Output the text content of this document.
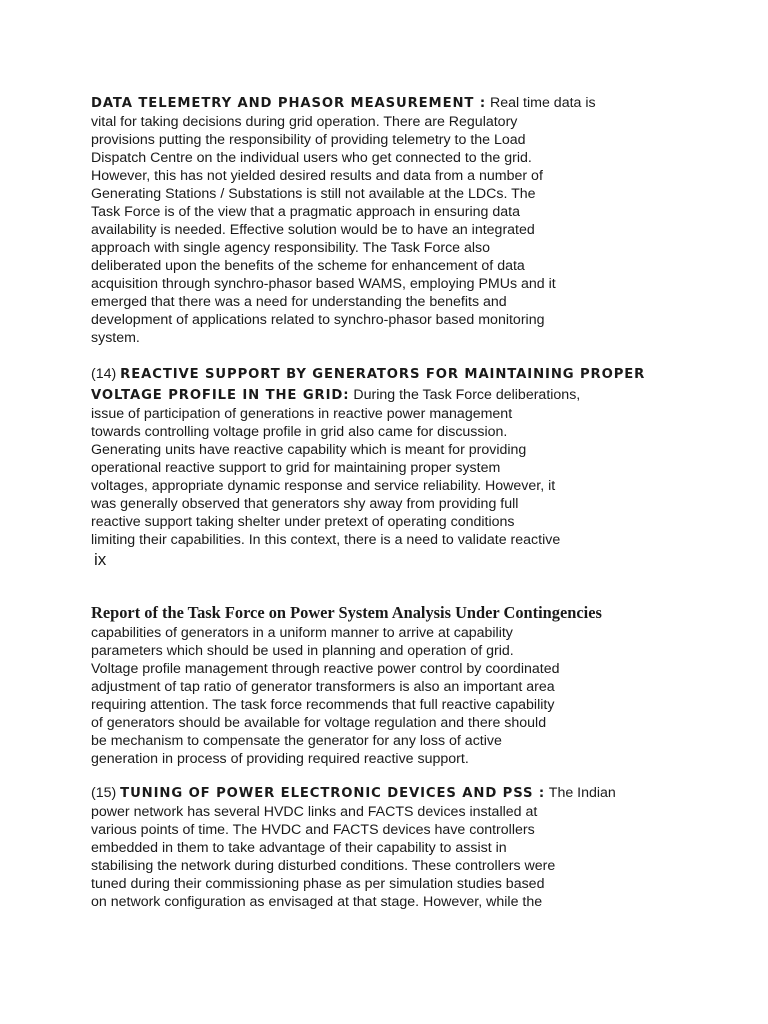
DATA TELEMETRY AND PHASOR MEASUREMENT : Real time data is
vital for taking decisions during grid operation. There are Regulatory
provisions putting the responsibility of providing telemetry to the Load
Dispatch Centre on the individual users who get connected to the grid.
However, this has not yielded desired results and data from a number of
Generating Stations / Substations is still not available at the LDCs. The
Task Force is of the view that a pragmatic approach in ensuring data
availability is needed. Effective solution would be to have an integrated
approach with single agency responsibility. The Task Force also
deliberated upon the benefits of the scheme for enhancement of data
acquisition through synchro-phasor based WAMS, employing PMUs and it
emerged that there was a need for understanding the benefits and
development of applications related to synchro-phasor based monitoring
system.
(14) REACTIVE SUPPORT BY GENERATORS FOR MAINTAINING PROPER
VOLTAGE PROFILE IN THE GRID: During the Task Force deliberations,
issue of participation of generations in reactive power management
towards controlling voltage profile in grid also came for discussion.
Generating units have reactive capability which is meant for providing
operational reactive support to grid for maintaining proper system
voltages, appropriate dynamic response and service reliability. However, it
was generally observed that generators shy away from providing full
reactive support taking shelter under pretext of operating conditions
limiting their capabilities. In this context, there is a need to validate reactive
ix
Report of the Task Force on Power System Analysis Under Contingencies
capabilities of generators in a uniform manner to arrive at capability
parameters which should be used in planning and operation of grid.
Voltage profile management through reactive power control by coordinated
adjustment of tap ratio of generator transformers is also an important area
requiring attention. The task force recommends that full reactive capability
of generators should be available for voltage regulation and there should
be mechanism to compensate the generator for any loss of active
generation in process of providing required reactive support.
(15) TUNING OF POWER ELECTRONIC DEVICES AND PSS : The Indian
power network has several HVDC links and FACTS devices installed at
various points of time. The HVDC and FACTS devices have controllers
embedded in them to take advantage of their capability to assist in
stabilising the network during disturbed conditions. These controllers were
tuned during their commissioning phase as per simulation studies based
on network configuration as envisaged at that stage. However, while the
